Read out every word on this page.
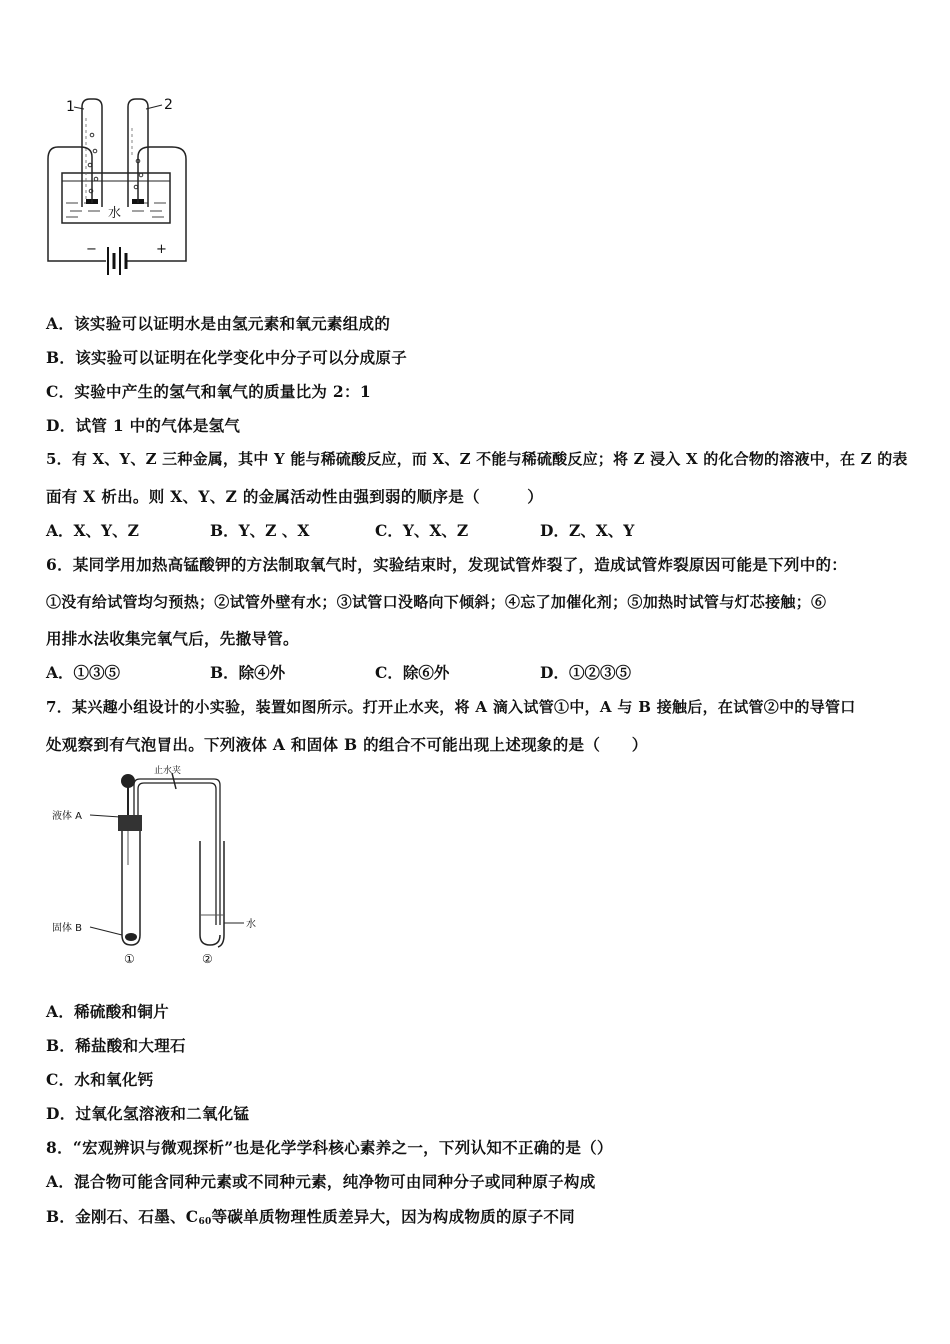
水
1	2
−	+
A．该实验可以证明水是由氢元素和氧元素组成的
B．该实验可以证明在化学变化中分子可以分成原子
C．实验中产生的氢气和氧气的质量比为 2：1
D．试管 1 中的气体是氢气
5．有 X、Y、Z 三种金属，其中 Y 能与稀硫酸反应，而 X、Z 不能与稀硫酸反应；将 Z 浸入 X 的化合物的溶液中，在 Z 的表
面有 X 析出。则 X、Y、Z 的金属活动性由强到弱的顺序是（　　　）
A．X、Y、Z	B．Y、Z 、X	C．Y、X、Z	D．Z、X、Y
6．某同学用加热高锰酸钾的方法制取氧气时，实验结束时，发现试管炸裂了，造成试管炸裂原因可能是下列中的：
①没有给试管均匀预热；②试管外壁有水；③试管口没略向下倾斜；④忘了加催化剂；⑤加热时试管与灯芯接触；⑥
用排水法收集完氧气后，先撤导管。
A．①③⑤	B．除④外	C．除⑥外	D．①②③⑤
7．某兴趣小组设计的小实验，装置如图所示。打开止水夹，将 A 滴入试管①中，A 与 B 接触后，在试管②中的导管口
处观察到有气泡冒出。下列液体 A 和固体 B 的组合不可能出现上述现象的是（　　）
止水夹
液体 A
固体 B	水
①	②
A．稀硫酸和铜片
B．稀盐酸和大理石
C．水和氧化钙
D．过氧化氢溶液和二氧化锰
8．“宏观辨识与微观探析”也是化学学科核心素养之一，下列认知不正确的是（）
A．混合物可能含同种元素或不同种元素，纯净物可由同种分子或同种原子构成
B．金刚石、石墨、$C_{60}$等碳单质物理性质差异大，因为构成物质的原子不同
